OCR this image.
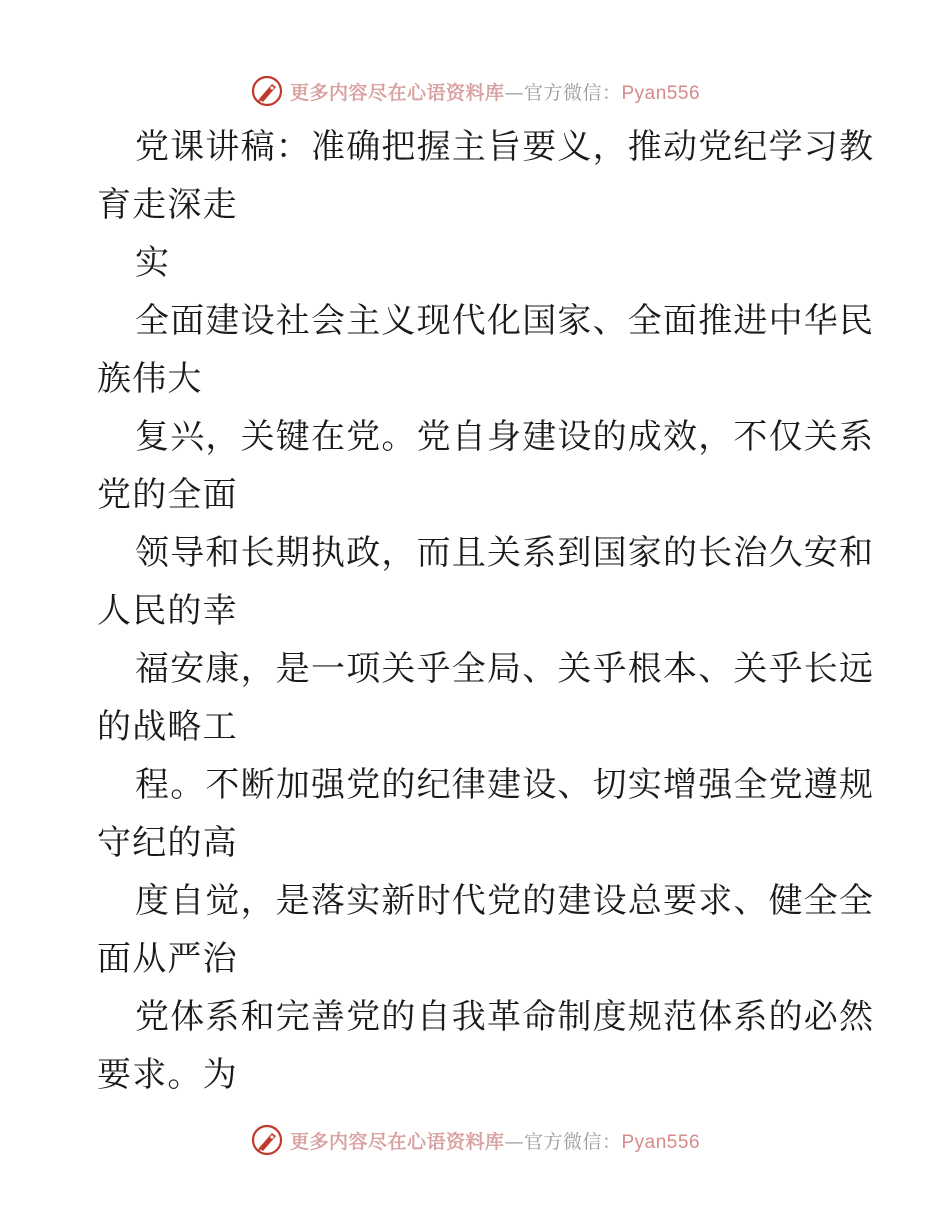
更多内容尽在心语资料库—官方微信：Pyan556
党课讲稿：准确把握主旨要义，推动党纪学习教
育走深走
实
全面建设社会主义现代化国家、全面推进中华民
族伟大
复兴，关键在党。党自身建设的成效，不仅关系
党的全面
领导和长期执政，而且关系到国家的长治久安和
人民的幸
福安康，是一项关乎全局、关乎根本、关乎长远
的战略工
程。不断加强党的纪律建设、切实增强全党遵规
守纪的高
度自觉，是落实新时代党的建设总要求、健全全
面从严治
党体系和完善党的自我革命制度规范体系的必然
要求。为
更多内容尽在心语资料库—官方微信：Pyan556
